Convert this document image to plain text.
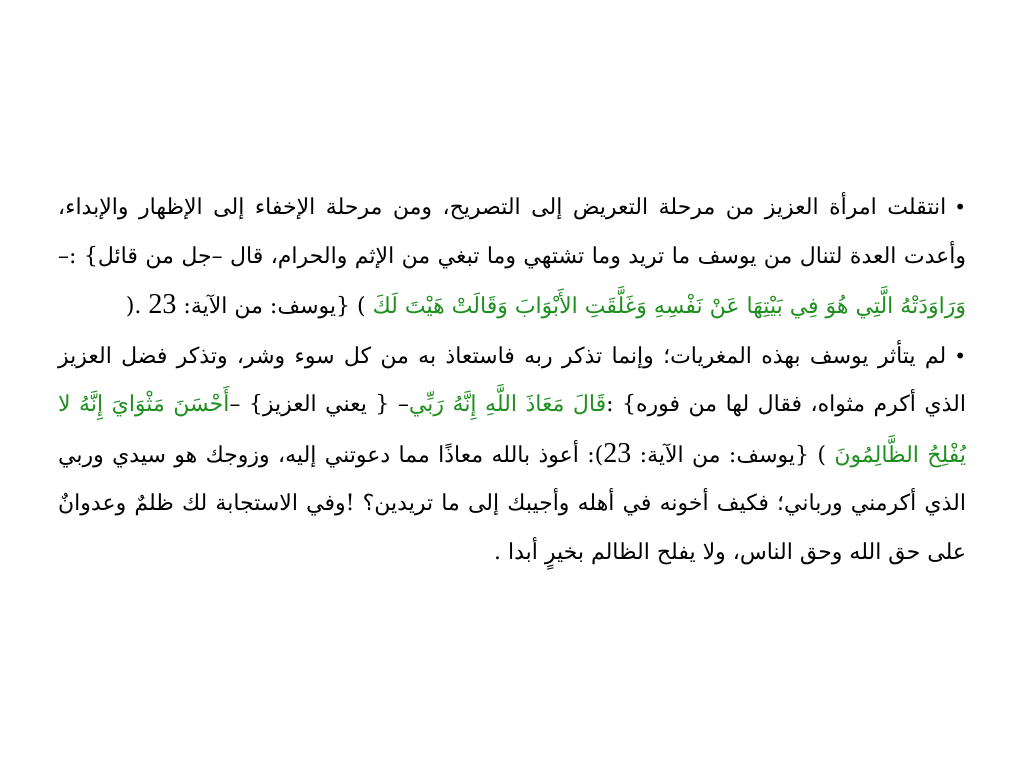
•انتقلت امرأة العزيز من مرحلة التعريض إلى التصريح، ومن مرحلة الإخفاء إلى الإظهار والإبداء، وأعدت العدة لتنال من يوسف ما تريد وما تشتهي وما تبغي من الإثم والحرام، قال –جل من قائل} :–وَرَاوَدَتْهُ الَّتِي هُوَ فِي بَيْتِهَا عَنْ نَفْسِهِ وَغَلَّقَتِ الأَبْوَابَ وَقَالَتْ هَيْتَ لَكَ ) {يوسف: من الآية: 23 .(

•لم يتأثر يوسف بهذه المغريات؛ وإنما تذكر ربه فاستعاذ به من كل سوء وشر، وتذكر فضل العزيز الذي أكرم مثواه، فقال لها من فوره} :قَالَ مَعَاذَ اللَّهِ إِنَّهُ رَبِّي– { يعني العزيز} –أَحْسَنَ مَثْوَايَ إِنَّهُ لا يُفْلِحُ الظَّالِمُونَ ) {يوسف: من الآية: 23): أعوذ بالله معاذًا مما دعوتني إليه، وزوجك هو سيدي وربي الذي أكرمني ورباني؛ فكيف أخونه في أهله وأجيبك إلى ما تريدين؟ !وفي الاستجابة لك ظلمٌ وعدوانٌ على حق الله وحق الناس، ولا يفلح الظالم بخيرٍ أبدا .
